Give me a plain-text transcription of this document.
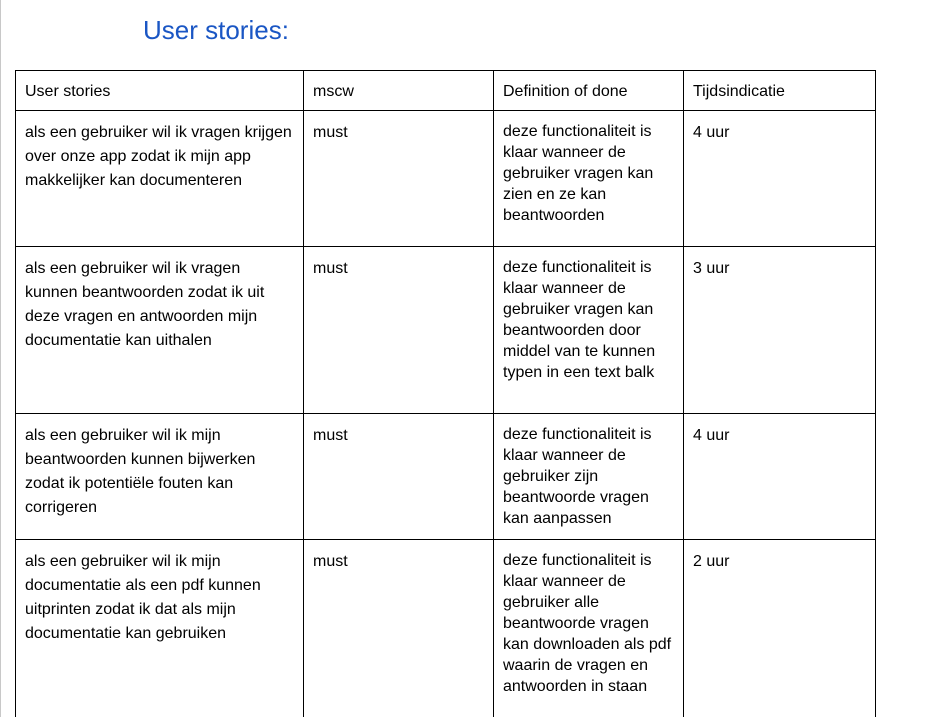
User stories:
User stories	mscw	Definition of done	Tijdsindicatie
als een gebruiker wil ik vragen krijgen over onze app zodat ik mijn app makkelijker kan documenteren	must	deze functionaliteit is klaar wanneer de gebruiker vragen kan zien en ze kan beantwoorden	4 uur
als een gebruiker wil ik vragen kunnen beantwoorden zodat ik uit deze vragen en antwoorden mijn documentatie kan uithalen	must	deze functionaliteit is klaar wanneer de gebruiker vragen kan beantwoorden door middel van te kunnen typen in een text balk	3 uur
als een gebruiker wil ik mijn beantwoorden kunnen bijwerken zodat ik potentiële fouten kan corrigeren	must	deze functionaliteit is klaar wanneer de gebruiker zijn beantwoorde vragen kan aanpassen	4 uur
als een gebruiker wil ik mijn documentatie als een pdf kunnen uitprinten zodat ik dat als mijn documentatie kan gebruiken	must	deze functionaliteit is klaar wanneer de gebruiker alle beantwoorde vragen kan downloaden als pdf waarin de vragen en antwoorden in staan	2 uur
